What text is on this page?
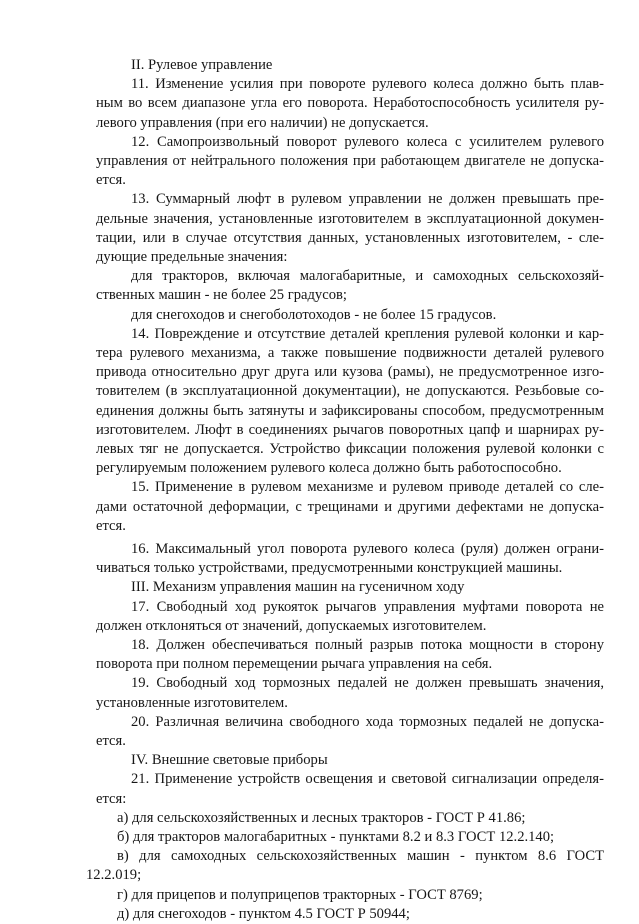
II. Рулевое управление
11. Изменение усилия при повороте рулевого колеса должно быть плав-
ным во всем диапазоне угла его поворота. Неработоспособность усилителя ру-
левого управления (при его наличии) не допускается.
12. Самопроизвольный поворот рулевого колеса с усилителем рулевого
управления от нейтрального положения при работающем двигателе не допуска-
ется.
13. Суммарный люфт в рулевом управлении не должен превышать пре-
дельные значения, установленные изготовителем в эксплуатационной докумен-
тации, или в случае отсутствия данных, установленных изготовителем, - сле-
дующие предельные значения:
для тракторов, включая малогабаритные, и самоходных сельскохозяй-
ственных машин - не более 25 градусов;
для снегоходов и снегоболотоходов - не более 15 градусов.
14. Повреждение и отсутствие деталей крепления рулевой колонки и кар-
тера рулевого механизма, а также повышение подвижности деталей рулевого
привода относительно друг друга или кузова (рамы), не предусмотренное изго-
товителем (в эксплуатационной документации), не допускаются. Резьбовые со-
единения должны быть затянуты и зафиксированы способом, предусмотренным
изготовителем. Люфт в соединениях рычагов поворотных цапф и шарнирах ру-
левых тяг не допускается. Устройство фиксации положения рулевой колонки с
регулируемым положением рулевого колеса должно быть работоспособно.
15. Применение в рулевом механизме и рулевом приводе деталей со сле-
дами остаточной деформации, с трещинами и другими дефектами не допуска-
ется.
16. Максимальный угол поворота рулевого колеса (руля) должен ограни-
чиваться только устройствами, предусмотренными конструкцией машины.
III. Механизм управления машин на гусеничном ходу
17. Свободный ход рукояток рычагов управления муфтами поворота не
должен отклоняться от значений, допускаемых изготовителем.
18. Должен обеспечиваться полный разрыв потока мощности в сторону
поворота при полном перемещении рычага управления на себя.
19. Свободный ход тормозных педалей не должен превышать значения,
установленные изготовителем.
20. Различная величина свободного хода тормозных педалей не допуска-
ется.
IV. Внешние световые приборы
21. Применение устройств освещения и световой сигнализации определя-
ется:
а) для сельскохозяйственных и лесных тракторов - ГОСТ Р 41.86;
б) для тракторов малогабаритных - пунктами 8.2 и 8.3 ГОСТ 12.2.140;
в) для самоходных сельскохозяйственных машин - пунктом 8.6 ГОСТ
12.2.019;
г) для прицепов и полуприцепов тракторных - ГОСТ 8769;
д) для снегоходов - пунктом 4.5 ГОСТ Р 50944;
